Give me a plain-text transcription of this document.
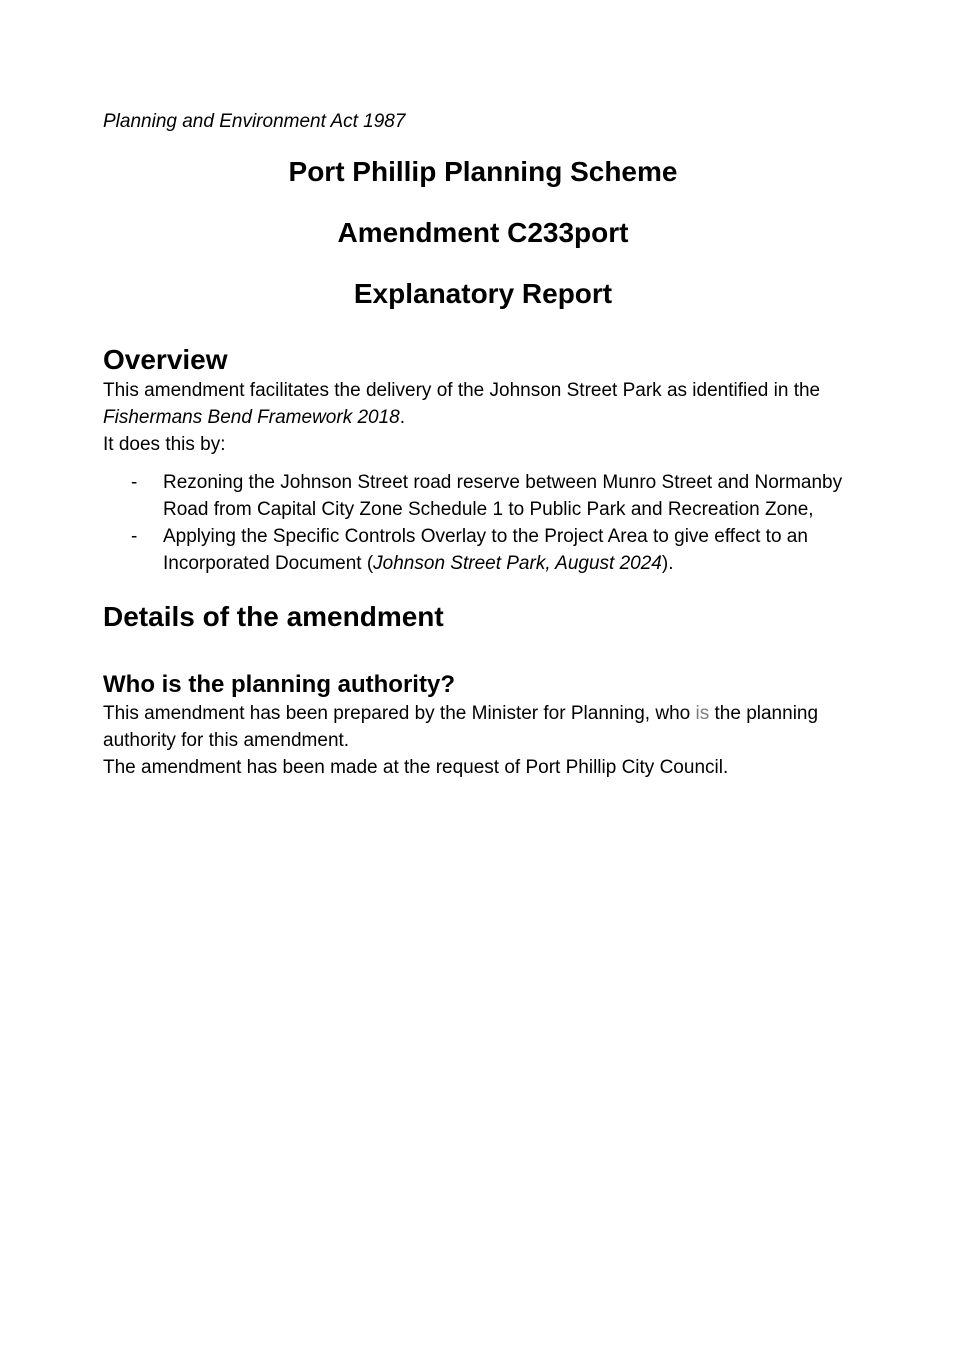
Planning and Environment Act 1987

Port Phillip Planning Scheme

Amendment C233port

Explanatory Report

Overview

This amendment facilitates the delivery of the Johnson Street Park as identified in the Fishermans Bend Framework 2018.

It does this by:

-	Rezoning the Johnson Street road reserve between Munro Street and Normanby Road from Capital City Zone Schedule 1 to Public Park and Recreation Zone,
-	Applying the Specific Controls Overlay to the Project Area to give effect to an Incorporated Document (Johnson Street Park, August 2024).
Details of the amendment
Who is the planning authority?

This amendment has been prepared by the Minister for Planning, who is the planning authority for this amendment.

The amendment has been made at the request of Port Phillip City Council.
